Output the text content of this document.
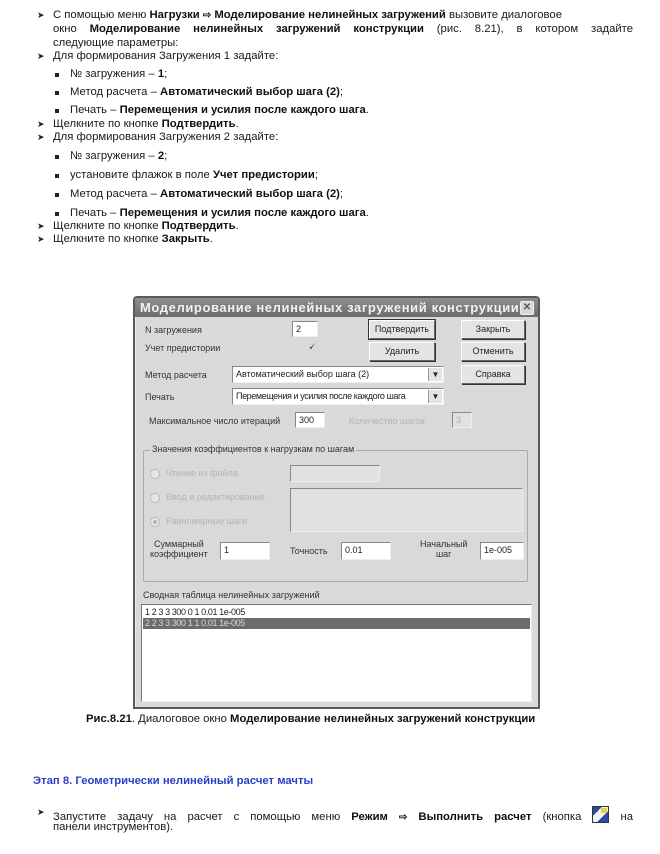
➤ С помощью меню Нагрузки ⇨ Моделирование нелинейных загружений вызовите диалоговое
окно Моделирование нелинейных загружений конструкции (рис. 8.21), в котором задайте
следующие параметры:
➤ Для формирования Загружения 1 задайте:
№ загружения – 1;
Метод расчета – Автоматический выбор шага (2);
Печать – Перемещения и усилия после каждого шага.
➤ Щелкните по кнопке Подтвердить.
➤ Для формирования Загружения 2 задайте:
№ загружения – 2;
установите флажок в поле Учет предистории;
Метод расчета – Автоматический выбор шага (2);
Печать – Перемещения и усилия после каждого шага.
➤ Щелкните по кнопке Подтвердить.
➤ Щелкните по кнопке Закрыть.
Моделирование нелинейных загружений конструкции ✕
N загружения	2
Учет предистории	🗸
Подтвердить	Закрыть
Удалить	Отменить
Метод расчета	Автоматический выбор шага (2)	▼	Справка
Печать	Перемещения и усилия после каждого шага	▼
Максимальное число итераций	300	Количество шагов	3
Значения коэффициентов к нагрузкам по шагам
Чтение из файла
Ввод и редактирование
Равномерные шаги
Суммарный
коэффициент	1	Точность	0.01
Начальный
шаг	1e-005
Сводная таблица нелинейных загружений
1 2 3 3 300 0 1 0.01 1e-005
2 2 3 3 300 1 1 0.01 1e-005
Рис.8.21. Диалоговое окно Моделирование нелинейных загружений конструкции
Этап 8. Геометрически нелинейный расчет мачты
➤ Запустите задачу на расчет с помощью меню Режим ⇨ Выполнить расчет (кнопка  на
панели инструментов).
